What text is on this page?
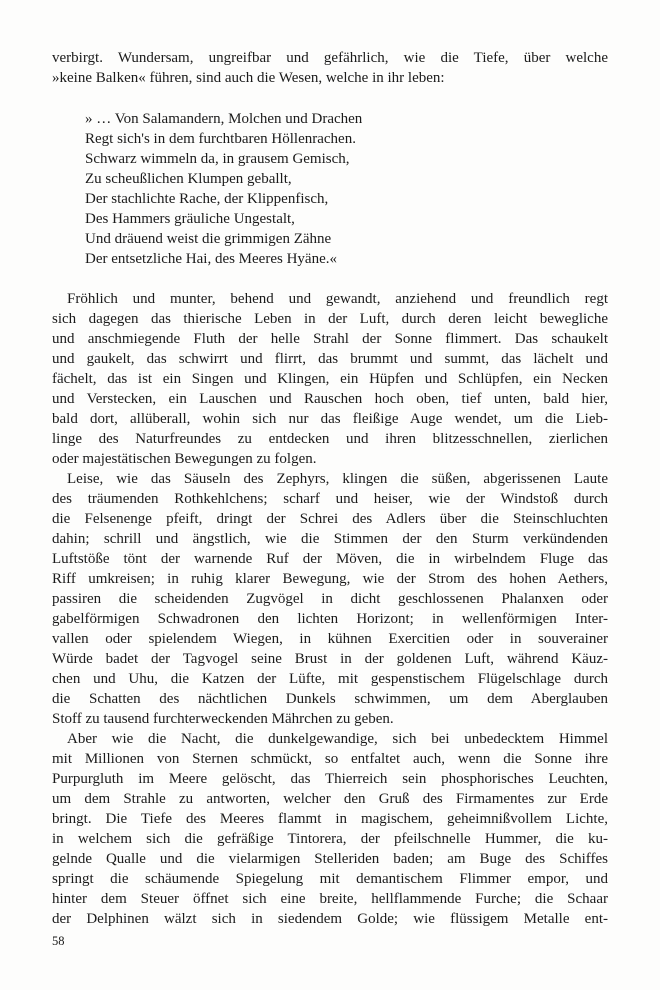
verbirgt. Wundersam, ungreifbar und gefährlich, wie die Tiefe, über welche
»keine Balken« führen, sind auch die Wesen, welche in ihr leben:
» … Von Salamandern, Molchen und Drachen
Regt sich's in dem furchtbaren Höllenrachen.
Schwarz wimmeln da, in grausem Gemisch,
Zu scheußlichen Klumpen geballt,
Der stachlichte Rache, der Klippenfisch,
Des Hammers gräuliche Ungestalt,
Und dräuend weist die grimmigen Zähne
Der entsetzliche Hai, des Meeres Hyäne.«
Fröhlich und munter, behend und gewandt, anziehend und freundlich regt
sich dagegen das thierische Leben in der Luft, durch deren leicht bewegliche
und anschmiegende Fluth der helle Strahl der Sonne flimmert. Das schaukelt
und gaukelt, das schwirrt und flirrt, das brummt und summt, das lächelt und
fächelt, das ist ein Singen und Klingen, ein Hüpfen und Schlüpfen, ein Necken
und Verstecken, ein Lauschen und Rauschen hoch oben, tief unten, bald hier,
bald dort, allüberall, wohin sich nur das fleißige Auge wendet, um die Lieb-
linge des Naturfreundes zu entdecken und ihren blitzesschnellen, zierlichen
oder majestätischen Bewegungen zu folgen.
Leise, wie das Säuseln des Zephyrs, klingen die süßen, abgerissenen Laute
des träumenden Rothkehlchens; scharf und heiser, wie der Windstoß durch
die Felsenenge pfeift, dringt der Schrei des Adlers über die Steinschluchten
dahin; schrill und ängstlich, wie die Stimmen der den Sturm verkündenden
Luftstöße tönt der warnende Ruf der Möven, die in wirbelndem Fluge das
Riff umkreisen; in ruhig klarer Bewegung, wie der Strom des hohen Aethers,
passiren die scheidenden Zugvögel in dicht geschlossenen Phalanxen oder
gabelförmigen Schwadronen den lichten Horizont; in wellenförmigen Inter-
vallen oder spielendem Wiegen, in kühnen Exercitien oder in souverainer
Würde badet der Tagvogel seine Brust in der goldenen Luft, während Käuz-
chen und Uhu, die Katzen der Lüfte, mit gespenstischem Flügelschlage durch
die Schatten des nächtlichen Dunkels schwimmen, um dem Aberglauben
Stoff zu tausend furchterweckenden Mährchen zu geben.
Aber wie die Nacht, die dunkelgewandige, sich bei unbedecktem Himmel
mit Millionen von Sternen schmückt, so entfaltet auch, wenn die Sonne ihre
Purpurgluth im Meere gelöscht, das Thierreich sein phosphorisches Leuchten,
um dem Strahle zu antworten, welcher den Gruß des Firmamentes zur Erde
bringt. Die Tiefe des Meeres flammt in magischem, geheimnißvollem Lichte,
in welchem sich die gefräßige Tintorera, der pfeilschnelle Hummer, die ku-
gelnde Qualle und die vielarmigen Stelleriden baden; am Buge des Schiffes
springt die schäumende Spiegelung mit demantischem Flimmer empor, und
hinter dem Steuer öffnet sich eine breite, hellflammende Furche; die Schaar
der Delphinen wälzt sich in siedendem Golde; wie flüssigem Metalle ent-
58
